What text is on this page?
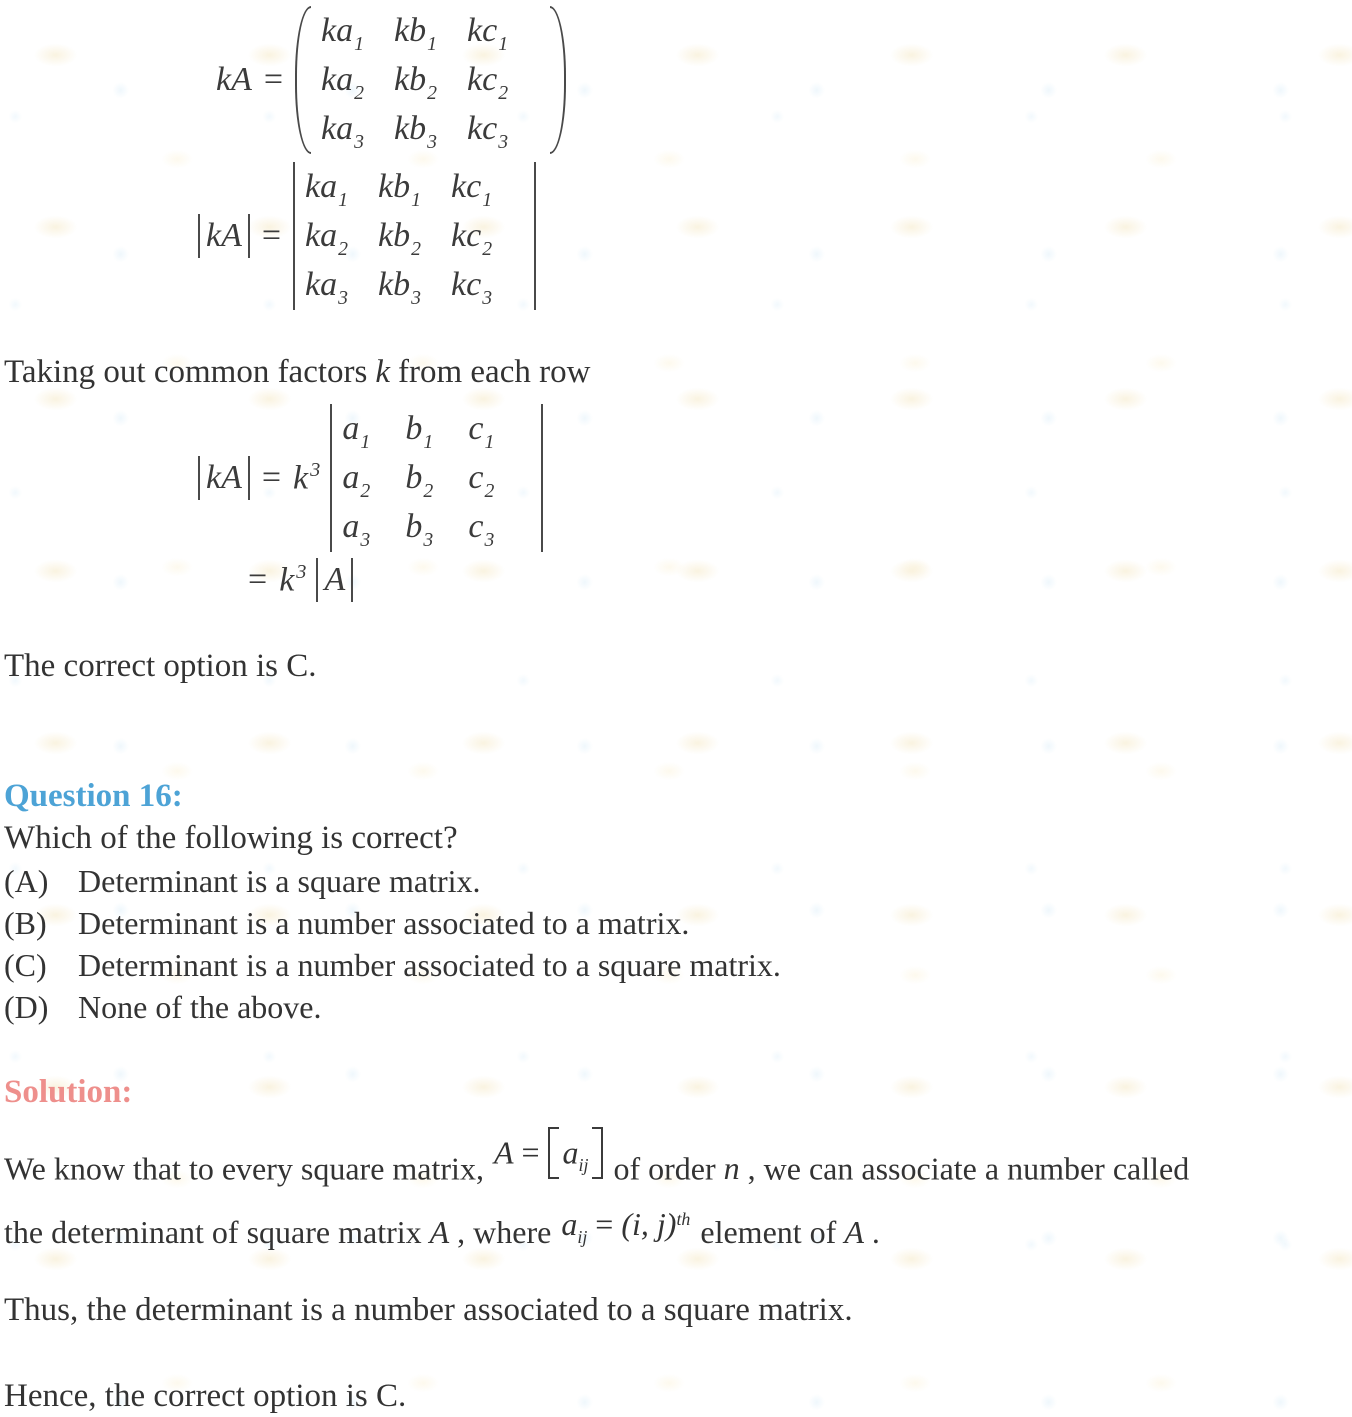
kA =
$ka_1$ $kb_1$ $kc_1$
$ka_2$ $kb_2$ $kc_2$
$ka_3$ $kb_3$ $kc_3$
kA =
$ka_1$ $kb_1$ $kc_1$
$ka_2$ $kb_2$ $kc_2$
$ka_3$ $kb_3$ $kc_3$
Taking out common factors k from each row
kA = $k^3$
$a_1$	$b_1$	$c_1$
$a_2$	$b_2$	$c_2$
$a_3$	$b_3$	$c_3$
= $k^3$ A
The correct option is C.
Question 16:
Which of the following is correct?
(A) Determinant is a square matrix.
(B) Determinant is a number associated to a matrix.
(C) Determinant is a number associated to a square matrix.
(D) None of the above.
Solution:
We know that to every square matrix, $A = a_{ij}$ of order n , we can associate a number called
the determinant of square matrix A , where $a_{ij} = (i$, j)$^{th}$ element of A .
Thus, the determinant is a number associated to a square matrix.
Hence, the correct option is C.
